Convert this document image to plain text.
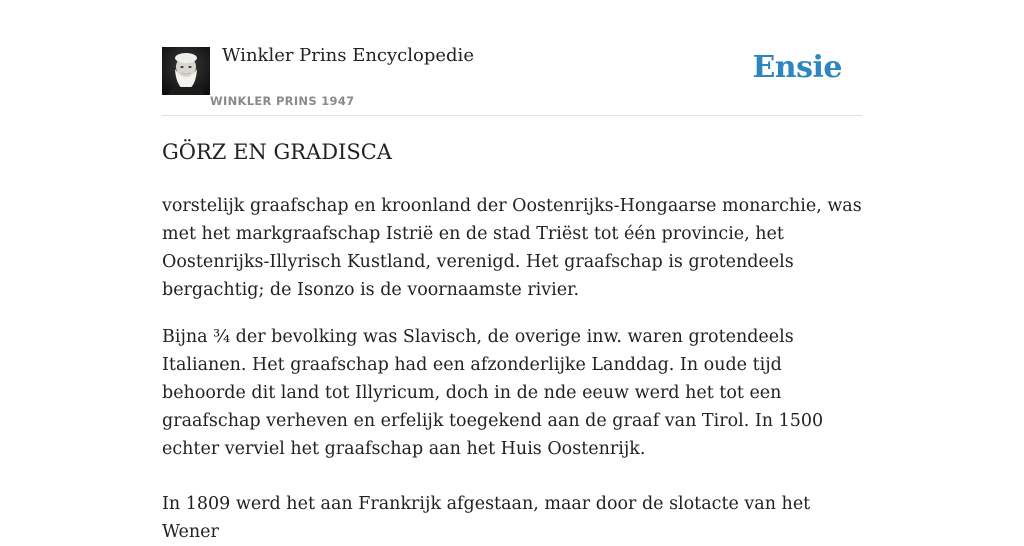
Winkler Prins Encyclopedie
WINKLER PRINS 1947
Ensie
GÖRZ EN GRADISCA

vorstelijk graafschap en kroonland der Oostenrijks-Hongaarse monarchie, was met het markgraafschap Istrië en de stad Triëst tot één provincie, het Oostenrijks-Illyrisch Kustland, verenigd. Het graafschap is grotendeels bergachtig; de Isonzo is de voornaamste rivier.

Bijna ¾ der bevolking was Slavisch, de overige inw. waren grotendeels Italianen. Het graafschap had een afzonderlijke Landdag. In oude tijd behoorde dit land tot Illyricum, doch in de nde eeuw werd het tot een graafschap verheven en erfelijk toegekend aan de graaf van Tirol. In 1500 echter verviel het graafschap aan het Huis Oostenrijk.

In 1809 werd het aan Frankrijk afgestaan, maar door de slotacte van het Wener
